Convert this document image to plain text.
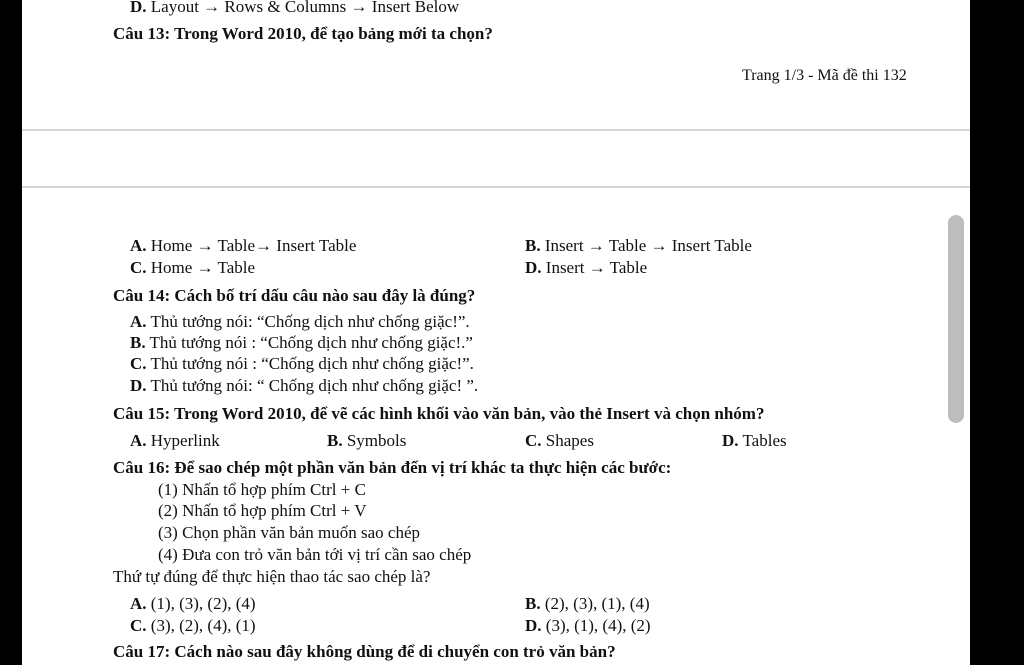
D. Layout → Rows & Columns → Insert Below
Câu 13: Trong Word 2010, để tạo bảng mới ta chọn?
Trang 1/3 - Mã đề thi 132
A. Home → Table→ Insert Table	B. Insert → Table → Insert Table
C. Home → Table	D. Insert → Table
Câu 14: Cách bố trí dấu câu nào sau đây là đúng?
A. Thủ tướng nói: “Chống dịch như chống giặc!”.
B. Thủ tướng nói : “Chống dịch như chống giặc!.”
C. Thủ tướng nói : “Chống dịch như chống giặc!”.
D. Thủ tướng nói: “ Chống dịch như chống giặc! ”.
Câu 15: Trong Word 2010, để vẽ các hình khối vào văn bản, vào thẻ Insert và chọn nhóm?
A. Hyperlink	B. Symbols	C. Shapes	D. Tables
Câu 16: Để sao chép một phần văn bản đến vị trí khác ta thực hiện các bước:
(1) Nhấn tổ hợp phím Ctrl + C
(2) Nhấn tổ hợp phím Ctrl + V
(3) Chọn phần văn bản muốn sao chép
(4) Đưa con trỏ văn bản tới vị trí cần sao chép
Thứ tự đúng để thực hiện thao tác sao chép là?
A. (1), (3), (2), (4)	B. (2), (3), (1), (4)
C. (3), (2), (4), (1)	D. (3), (1), (4), (2)
Câu 17: Cách nào sau đây không dùng để di chuyển con trỏ văn bản?
